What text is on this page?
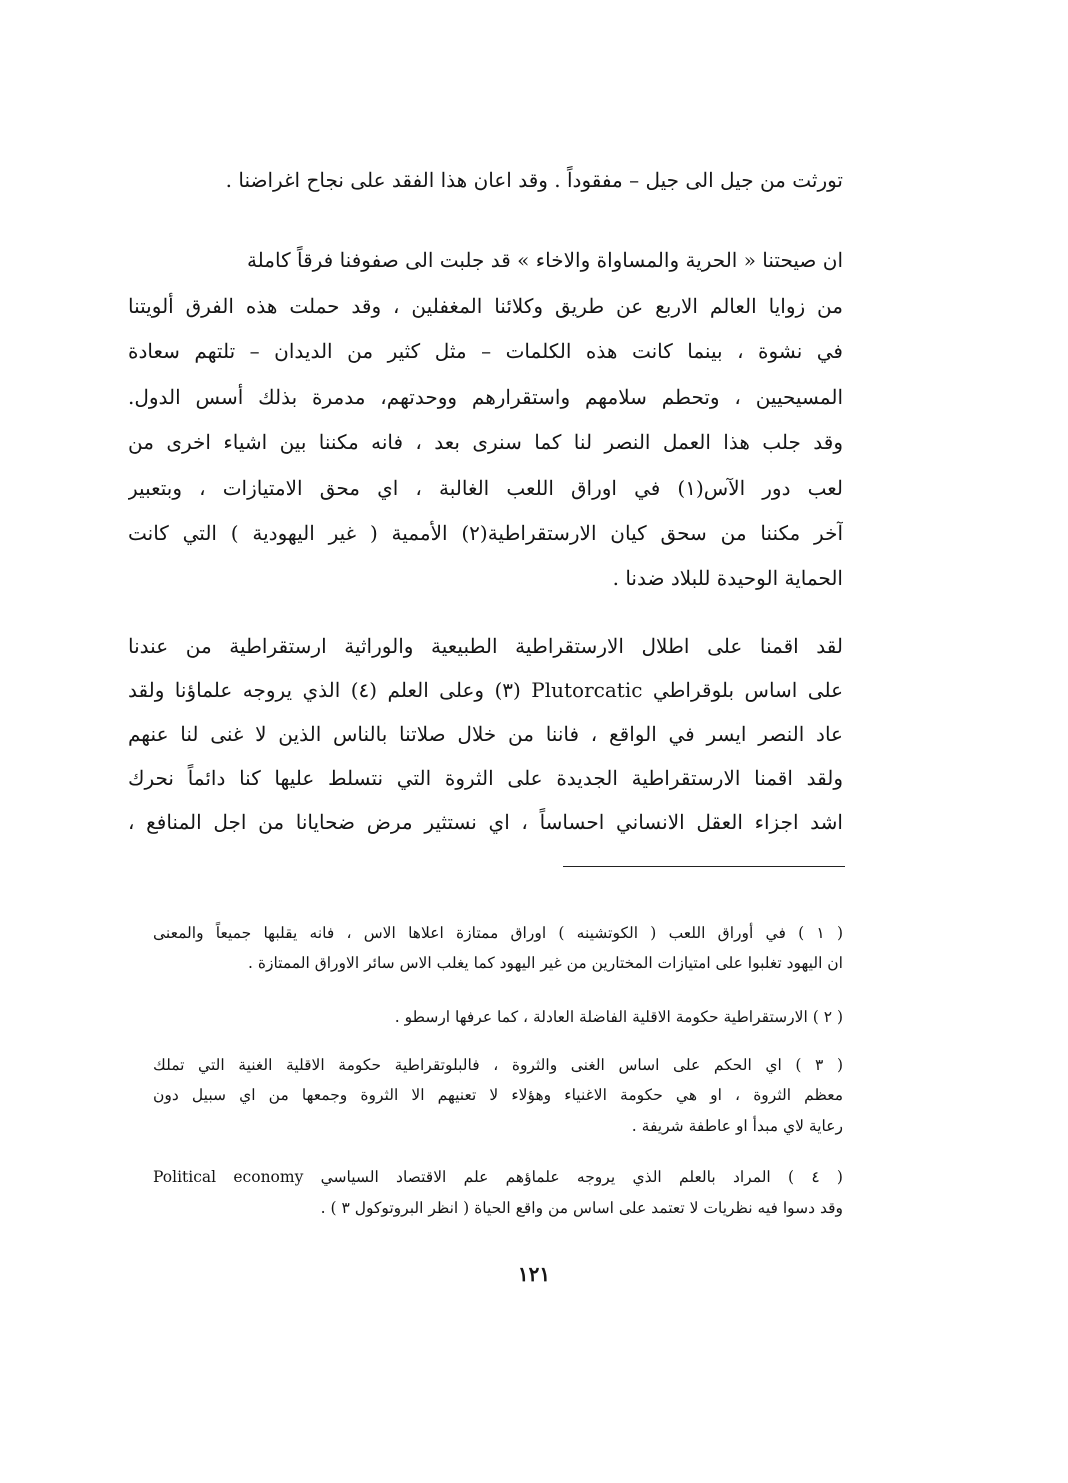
تورثت من جيل الى جيل – مفقوداً . وقد اعان هذا الفقد على نجاح اغراضنا .

ان صيحتنا « الحرية والمساواة والاخاء » قد جلبت الى صفوفنا فرقاً كاملة

من زوايا العالم الاربع عن طريق وكلائنا المغفلين ، وقد حملت هذه الفرق ألويتنا

في نشوة ، بينما كانت هذه الكلمات – مثل كثير من الديدان – تلتهم سعادة

المسيحيين ، وتحطم سلامهم واستقرارهم ووحدتهم، مدمرة بذلك أسس الدول.

وقد جلب هذا العمل النصر لنا كما سنرى بعد ، فانه مكننا بين اشياء اخرى من

لعب دور الآس(١) في اوراق اللعب الغالبة ، اي محق الامتيازات ، وبتعبير

آخر مكننا من سحق كيان الارستقراطية(٢) الأممية ( غير اليهودية ) التي كانت

الحماية الوحيدة للبلاد ضدنا .

لقد اقمنا على اطلال الارستقراطية الطبيعية والوراثية ارستقراطية من عندنا

على اساس بلوقراطي Plutorcatic (٣) وعلى العلم (٤) الذي يروجه علماؤنا ولقد

عاد النصر ايسر في الواقع ، فاننا من خلال صلاتنا بالناس الذين لا غنى لنا عنهم

ولقد اقمنا الارستقراطية الجديدة على الثروة التي نتسلط عليها كنا دائماً نحرك

اشد اجزاء العقل الانساني احساساً ، اي نستثير مرض ضحايانا من اجل المنافع ،

( ١ ) في أوراق اللعب ( الكوتشينه ) اوراق ممتازة اعلاها الاس ، فانه يقلبها جميعاً والمعنى

ان اليهود تغلبوا على امتيازات المختارين من غير اليهود كما يغلب الاس سائر الاوراق الممتازة .

( ٢ ) الارستقراطية حكومة الاقلية الفاضلة العادلة ، كما عرفها ارسطو .

( ٣ ) اي الحكم على اساس الغنى والثروة ، فالبلوتقراطية حكومة الاقلية الغنية التي تملك

معظم الثروة ، او هي حكومة الاغنياء وهؤلاء لا تعنيهم الا الثروة وجمعها من اي سبيل دون

رعاية لاي مبدأ او عاطفة شريفة .

( ٤ ) المراد بالعلم الذي يروجه علماؤهم علم الاقتصاد السياسي Political economy

وقد دسوا فيه نظريات لا تعتمد على اساس من واقع الحياة ( انظر البروتوكول ٣ ) .

١٢١
